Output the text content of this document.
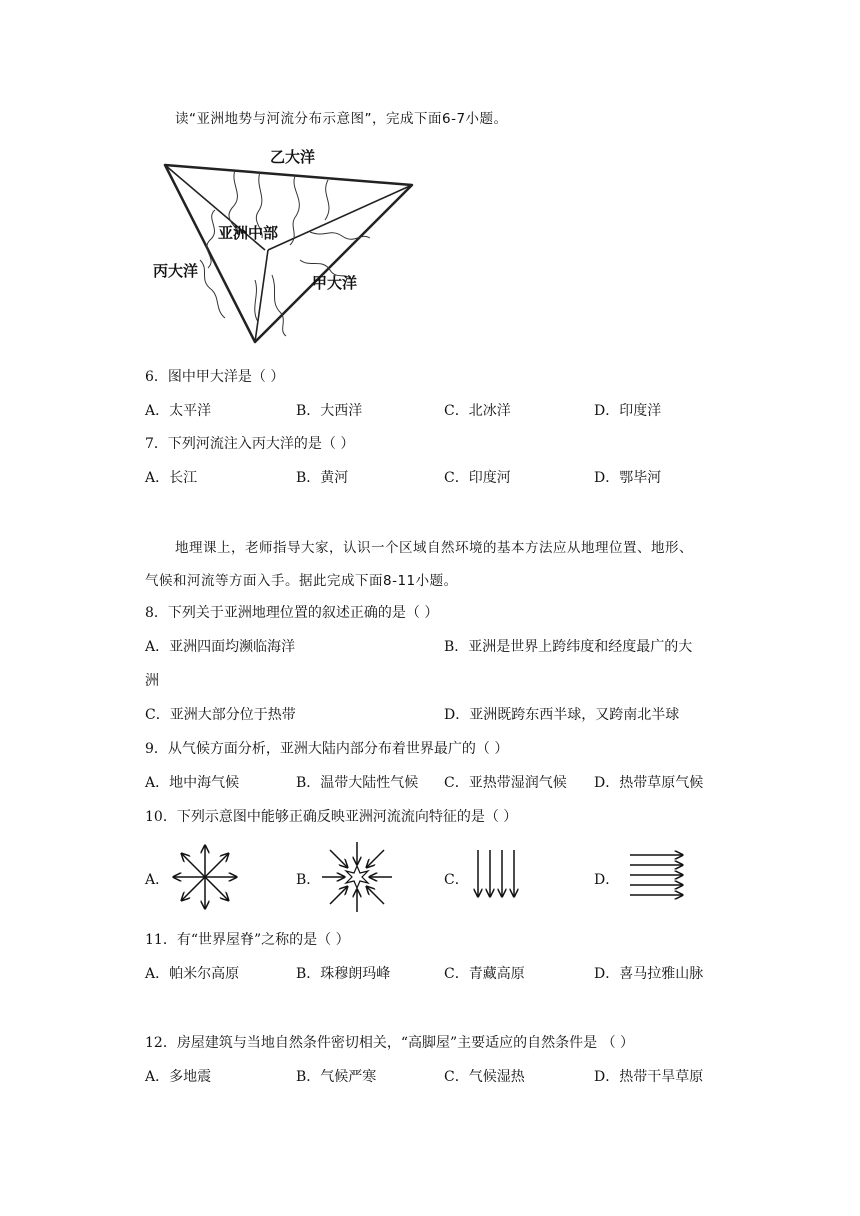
读“亚洲地势与河流分布示意图”，完成下面6-7小题。
乙大洋
亚洲中部
丙大洋
甲大洋
6．图中甲大洋是（ ）
A．太平洋	B．大西洋	C．北冰洋	D．印度洋
7．下列河流注入丙大洋的是（ ）
A．长江	B．黄河	C．印度河	D．鄂毕河
地理课上，老师指导大家，认识一个区域自然环境的基本方法应从地理位置、地形、
气候和河流等方面入手。据此完成下面8-11小题。
8．下列关于亚洲地理位置的叙述正确的是（ ）
A．亚洲四面均濒临海洋	B．亚洲是世界上跨纬度和经度最广的大
洲
C．亚洲大部分位于热带	D．亚洲既跨东西半球，又跨南北半球
9．从气候方面分析，亚洲大陆内部分布着世界最广的（ ）
A．地中海气候	B．温带大陆性气候 C．亚热带湿润气候 D．热带草原气候
10．下列示意图中能够正确反映亚洲河流流向特征的是（ ）
A．	B．	C．	D．
11．有“世界屋脊”之称的是（ ）
A．帕米尔高原	B．珠穆朗玛峰	C．青藏高原	D．喜马拉雅山脉
12．房屋建筑与当地自然条件密切相关，“高脚屋”主要适应的自然条件是 （ ）
A．多地震	B．气候严寒	C．气候湿热	D．热带干旱草原
